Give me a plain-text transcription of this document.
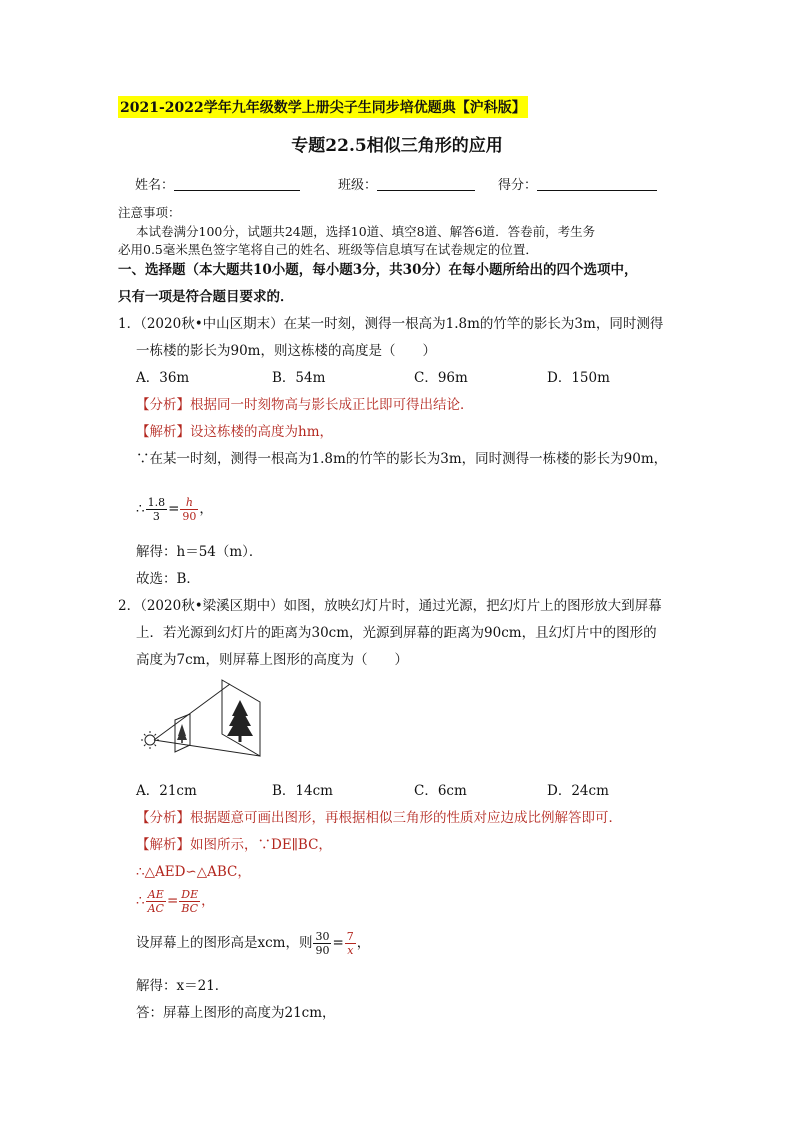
2021-2022学年九年级数学上册尖子生同步培优题典【沪科版】
专题22.5相似三角形的应用
姓名：	班级：	得分：
注意事项：
本试卷满分100分，试题共24题，选择10道、填空8道、解答6道．答卷前，考生务
必用0.5毫米黑色签字笔将自己的姓名、班级等信息填写在试卷规定的位置．
一、选择题（本大题共10小题，每小题3分，共30分）在每小题所给出的四个选项中，
只有一项是符合题目要求的．
1．（2020秋•中山区期末）在某一时刻，测得一根高为1.8m的竹竿的影长为3m，同时测得
一栋楼的影长为90m，则这栋楼的高度是（　　）
A．36m	B．54m	C．96m	D．150m
【分析】根据同一时刻物高与影长成正比即可得出结论．
【解析】设这栋楼的高度为hm，
∵在某一时刻，测得一根高为1.8m的竹竿的影长为3m，同时测得一栋楼的影长为90m，
∴ $\frac{1.8}{3} = \frac{h}{90}$ ，
解得：h＝54（m）．
故选：B．
2．（2020秋•梁溪区期中）如图，放映幻灯片时，通过光源，把幻灯片上的图形放大到屏幕
上．若光源到幻灯片的距离为30cm，光源到屏幕的距离为90cm，且幻灯片中的图形的
高度为7cm，则屏幕上图形的高度为（　　）
A．21cm	B．14cm	C．6cm	D．24cm
【分析】根据题意可画出图形，再根据相似三角形的性质对应边成比例解答即可．
【解析】如图所示，∵DE∥BC，
∴△AED∽△ABC，
∴ $\frac{AE}{AC} = \frac{DE}{BC}$ ，
设屏幕上的图形高是xcm，则 $\frac{30}{90} = \frac{7}{x}$ ，
解得：x＝21．
答：屏幕上图形的高度为21cm，
